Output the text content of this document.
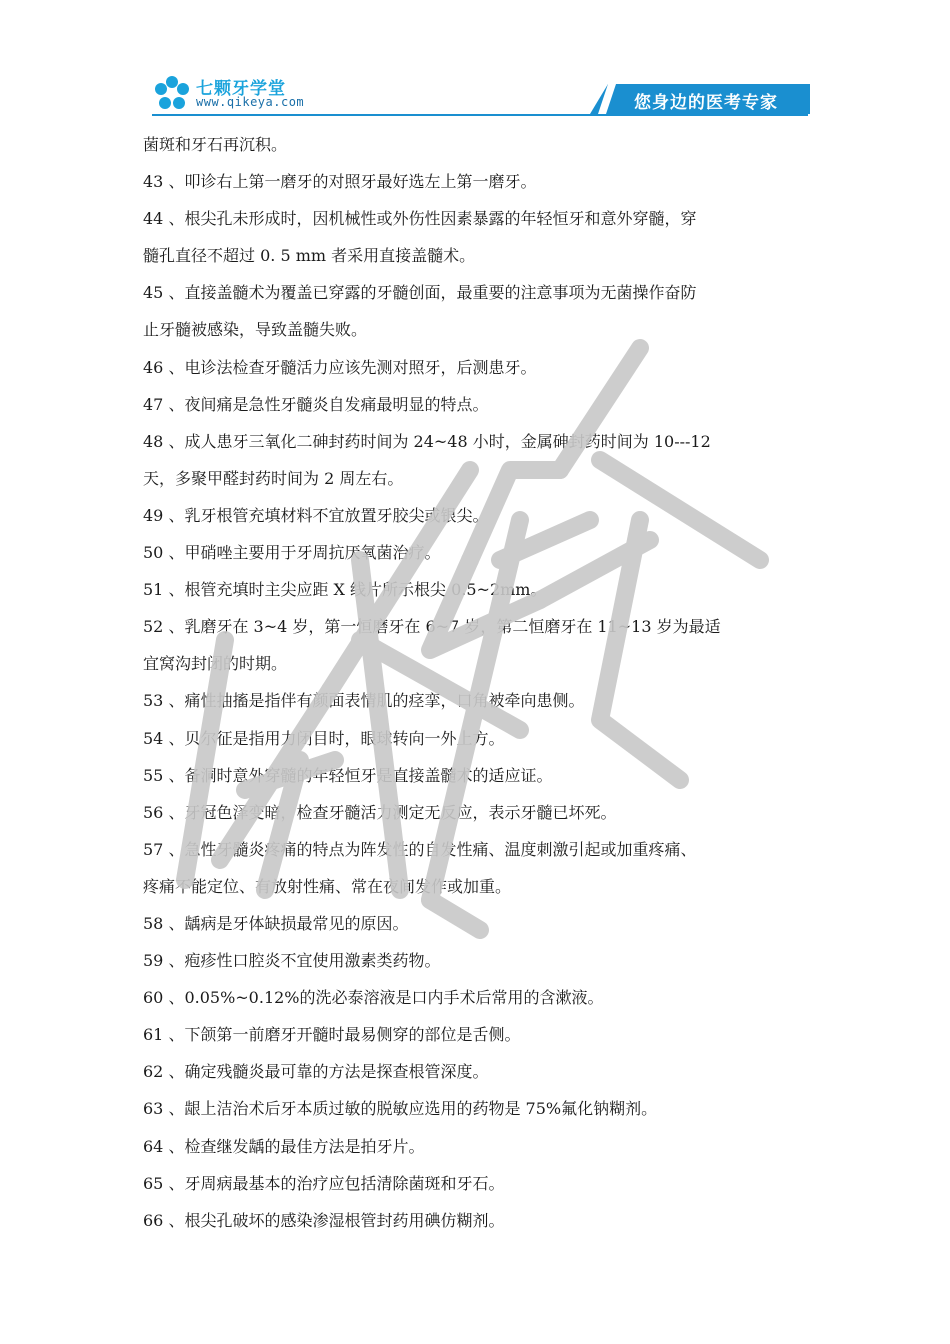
七颗牙学堂
www.qikeya.com	您身边的医考专家

菌斑和牙石再沉积。

43 、叩诊右上第一磨牙的对照牙最好选左上第一磨牙。

44 、根尖孔未形成时，因机械性或外伤性因素暴露的年轻恒牙和意外穿髓，穿

髓孔直径不超过 0. 5 mm 者采用直接盖髓术。

45 、直接盖髓术为覆盖已穿露的牙髓创面，最重要的注意事项为无菌操作奋防

止牙髓被感染，导致盖髓失败。

46 、电诊法检查牙髓活力应该先测对照牙，后测患牙。

47 、夜间痛是急性牙髓炎自发痛最明显的特点。

48 、成人患牙三氧化二砷封药时间为 24~48 小时，金属砷封药时间为 10---12

天，多聚甲醛封药时间为 2 周左右。

49 、乳牙根管充填材料不宜放置牙胶尖或银尖。

50 、甲硝唑主要用于牙周抗厌氧菌治疗。

51 、根管充填时主尖应距 X 线片所示根尖 0.5~2mm。

52 、乳磨牙在 3~4 岁，第一恒磨牙在 6~7 岁，第二恒磨牙在 11~13 岁为最适

宜窝沟封闭的时期。

53 、痛性抽搐是指伴有颜面表情肌的痉挛，口角被牵向患侧。

54 、贝尔征是指用力闭目时，眼球转向一外上方。

55 、备洞时意外穿髓的年轻恒牙是直接盖髓术的适应证。

56 、牙冠色泽变暗，检查牙髓活力测定无反应，表示牙髓已坏死。

57 、急性牙髓炎疼痛的特点为阵发性的自发性痛、温度刺激引起或加重疼痛、

疼痛不能定位、有放射性痛、常在夜间发作或加重。

58 、龋病是牙体缺损最常见的原因。

59 、疱疹性口腔炎不宜使用激素类药物。

60 、0.05%~0.12%的洗必泰溶液是口内手术后常用的含漱液。

61 、下颌第一前磨牙开髓时最易侧穿的部位是舌侧。

62 、确定残髓炎最可靠的方法是探查根管深度。

63 、龈上洁治术后牙本质过敏的脱敏应选用的药物是 75%氟化钠糊剂。

64 、检查继发龋的最佳方法是拍牙片。

65 、牙周病最基本的治疗应包括清除菌斑和牙石。

66 、根尖孔破坏的感染渗湿根管封药用碘仿糊剂。
